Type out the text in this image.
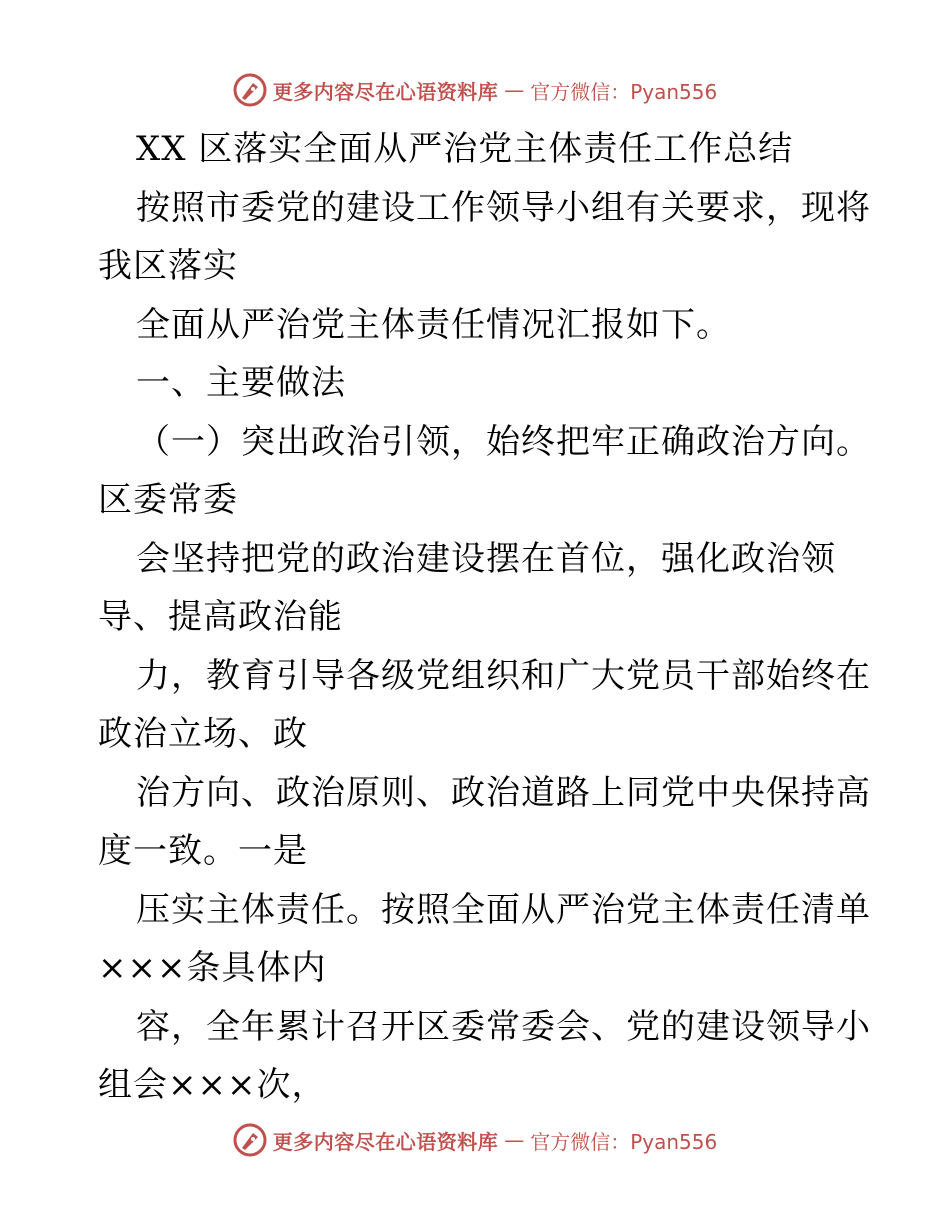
更多内容尽在心语资料库 — 官方微信：Pyan556
XX 区落实全面从严治党主体责任工作总结
按照市委党的建设工作领导小组有关要求，现将
我区落实
全面从严治党主体责任情况汇报如下。
一、主要做法
（一）突出政治引领，始终把牢正确政治方向。
区委常委
会坚持把党的政治建设摆在首位，强化政治领
导、提高政治能
力，教育引导各级党组织和广大党员干部始终在
政治立场、政
治方向、政治原则、政治道路上同党中央保持高
度一致。一是
压实主体责任。按照全面从严治党主体责任清单
×××条具体内
容，全年累计召开区委常委会、党的建设领导小
组会×××次，
更多内容尽在心语资料库 — 官方微信：Pyan556
